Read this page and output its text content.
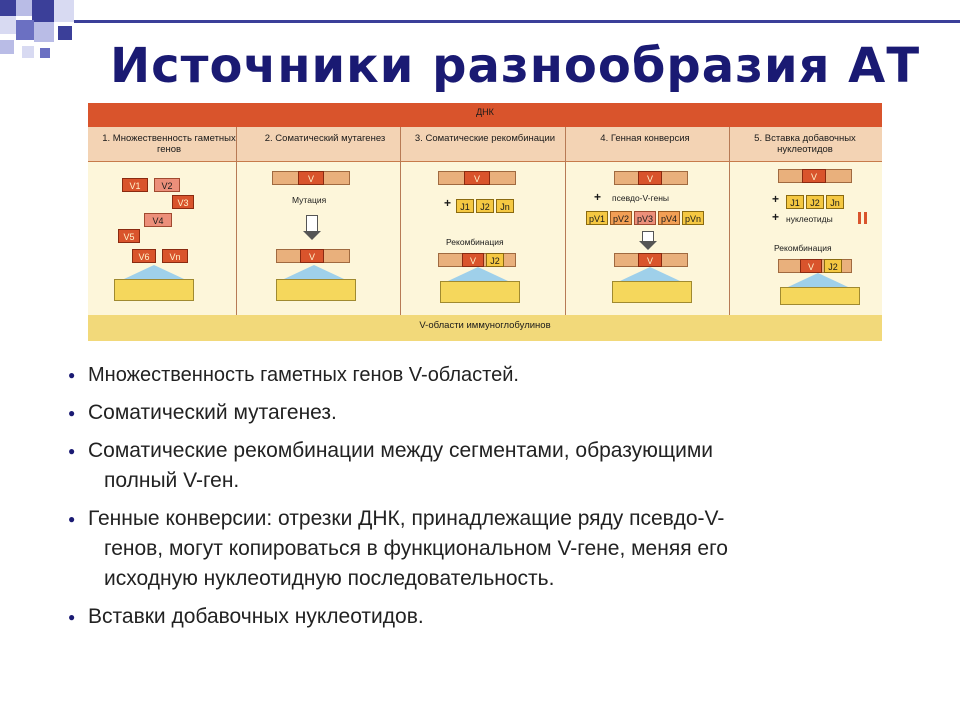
Источники разнообразия АТ
ДНК
1. Множественность гаметных генов
2. Соматический мутагенез	3. Соматические рекомбинации	4. Генная конверсия	5. Вставка добавочных нуклеотидов
V1	V2
V3
V4
V5
V6	Vn
V
Мутация
V
V
+	J1	J2	Jn
Рекомбинация
V	J2
V
+ псевдо-V-гены
pV1 pV2 pV3 pV4 pVn
V
V
+	J1	J2	Jn
+ нуклеотиды
Рекомбинация
V	J2
V-области иммуноглобулинов
● Множественность гаметных генов V-областей.
● Соматический мутагенез.
● Соматические рекомбинации между сегментами, образующими
полный V-ген.
● Генные конверсии: отрезки ДНК, принадлежащие ряду псевдо-V-
генов, могут копироваться в функциональном V-гене, меняя его
исходную нуклеотидную последовательность.
● Вставки добавочных нуклеотидов.
